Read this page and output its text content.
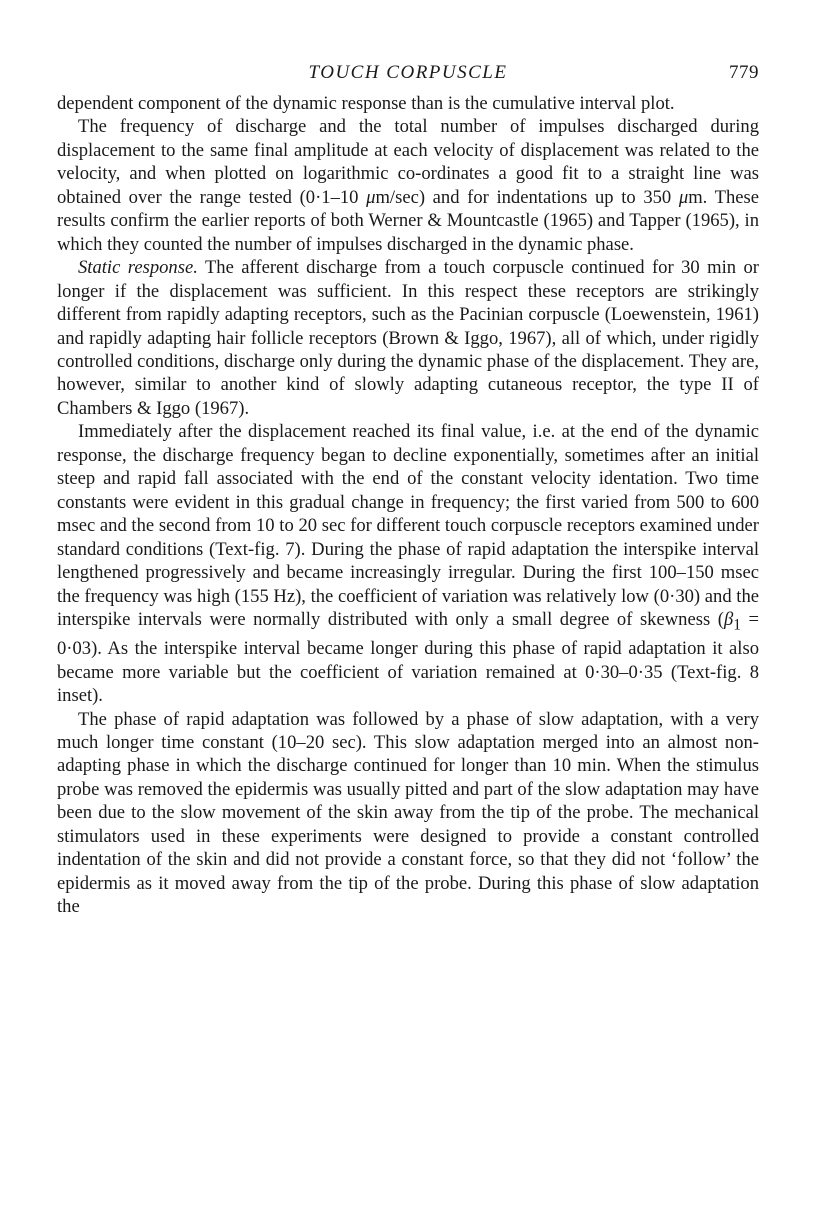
TOUCH CORPUSCLE	779

dependent component of the dynamic response than is the cumulative interval plot.

The frequency of discharge and the total number of impulses discharged during displacement to the same final amplitude at each velocity of displacement was related to the velocity, and when plotted on logarithmic co-ordinates a good fit to a straight line was obtained over the range tested (0·1–10 μm/sec) and for indentations up to 350 μm. These results confirm the earlier reports of both Werner & Mountcastle (1965) and Tapper (1965), in which they counted the number of impulses discharged in the dynamic phase.

Static response. The afferent discharge from a touch corpuscle continued for 30 min or longer if the displacement was sufficient. In this respect these receptors are strikingly different from rapidly adapting receptors, such as the Pacinian corpuscle (Loewenstein, 1961) and rapidly adapting hair follicle receptors (Brown & Iggo, 1967), all of which, under rigidly controlled conditions, discharge only during the dynamic phase of the displacement. They are, however, similar to another kind of slowly adapting cutaneous receptor, the type II of Chambers & Iggo (1967).

Immediately after the displacement reached its final value, i.e. at the end of the dynamic response, the discharge frequency began to decline exponentially, sometimes after an initial steep and rapid fall associated with the end of the constant velocity identation. Two time constants were evident in this gradual change in frequency; the first varied from 500 to 600 msec and the second from 10 to 20 sec for different touch corpuscle receptors examined under standard conditions (Text-fig. 7). During the phase of rapid adaptation the interspike interval lengthened progressively and became increasingly irregular. During the first 100–150 msec the frequency was high (155 Hz), the coefficient of variation was relatively low (0·30) and the interspike intervals were normally distributed with only a small degree of skewness $(\beta_1 = 0\cdot 03)$. As the interspike interval became longer during this phase of rapid adaptation it also became more variable but the coefficient of variation remained at 0·30–0·35 (Text-fig. 8 inset).

The phase of rapid adaptation was followed by a phase of slow adaptation, with a very much longer time constant (10–20 sec). This slow adaptation merged into an almost non-adapting phase in which the discharge continued for longer than 10 min. When the stimulus probe was removed the epidermis was usually pitted and part of the slow adaptation may have been due to the slow movement of the skin away from the tip of the probe. The mechanical stimulators used in these experiments were designed to provide a constant controlled indentation of the skin and did not provide a constant force, so that they did not ‘follow’ the epidermis as it moved away from the tip of the probe. During this phase of slow adaptation the
